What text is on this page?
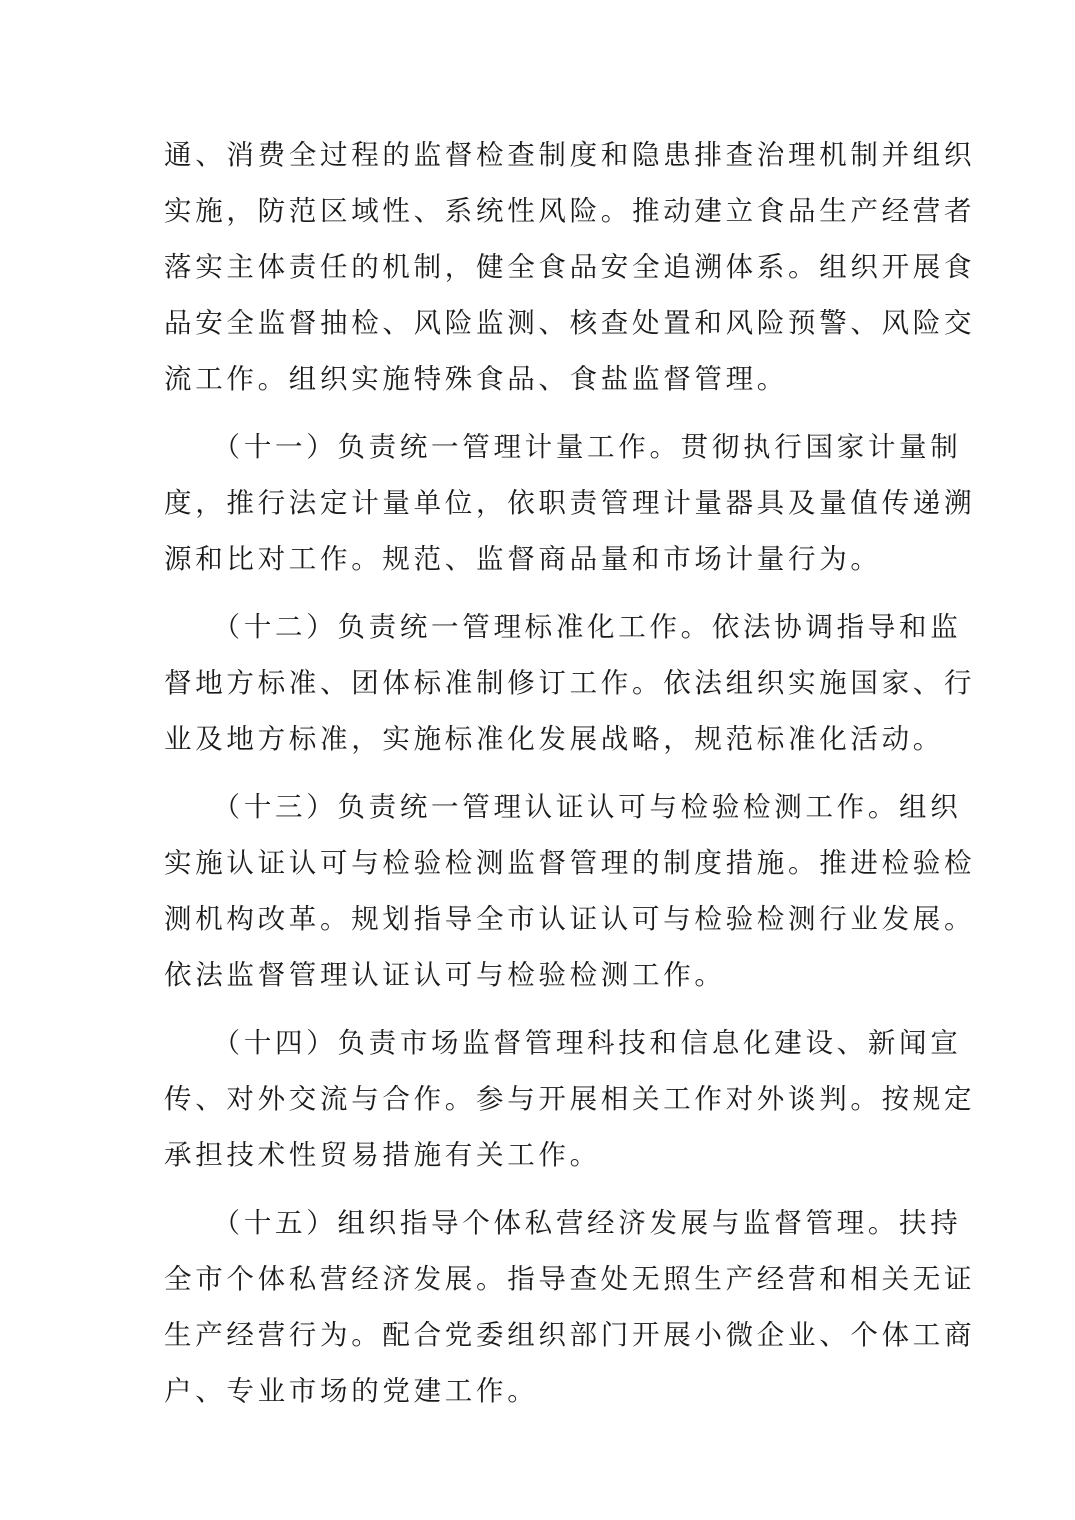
通、消费全过程的监督检查制度和隐患排查治理机制并组织
实施，防范区域性、系统性风险。推动建立食品生产经营者
落实主体责任的机制，健全食品安全追溯体系。组织开展食
品安全监督抽检、风险监测、核查处置和风险预警、风险交
流工作。组织实施特殊食品、食盐监督管理。
　　（十一）负责统一管理计量工作。贯彻执行国家计量制
度，推行法定计量单位，依职责管理计量器具及量值传递溯
源和比对工作。规范、监督商品量和市场计量行为。
　　（十二）负责统一管理标准化工作。依法协调指导和监
督地方标准、团体标准制修订工作。依法组织实施国家、行
业及地方标准，实施标准化发展战略，规范标准化活动。
　　（十三）负责统一管理认证认可与检验检测工作。组织
实施认证认可与检验检测监督管理的制度措施。推进检验检
测机构改革。规划指导全市认证认可与检验检测行业发展。
依法监督管理认证认可与检验检测工作。
　　（十四）负责市场监督管理科技和信息化建设、新闻宣
传、对外交流与合作。参与开展相关工作对外谈判。按规定
承担技术性贸易措施有关工作。
　　（十五）组织指导个体私营经济发展与监督管理。扶持
全市个体私营经济发展。指导查处无照生产经营和相关无证
生产经营行为。配合党委组织部门开展小微企业、个体工商
户、专业市场的党建工作。
